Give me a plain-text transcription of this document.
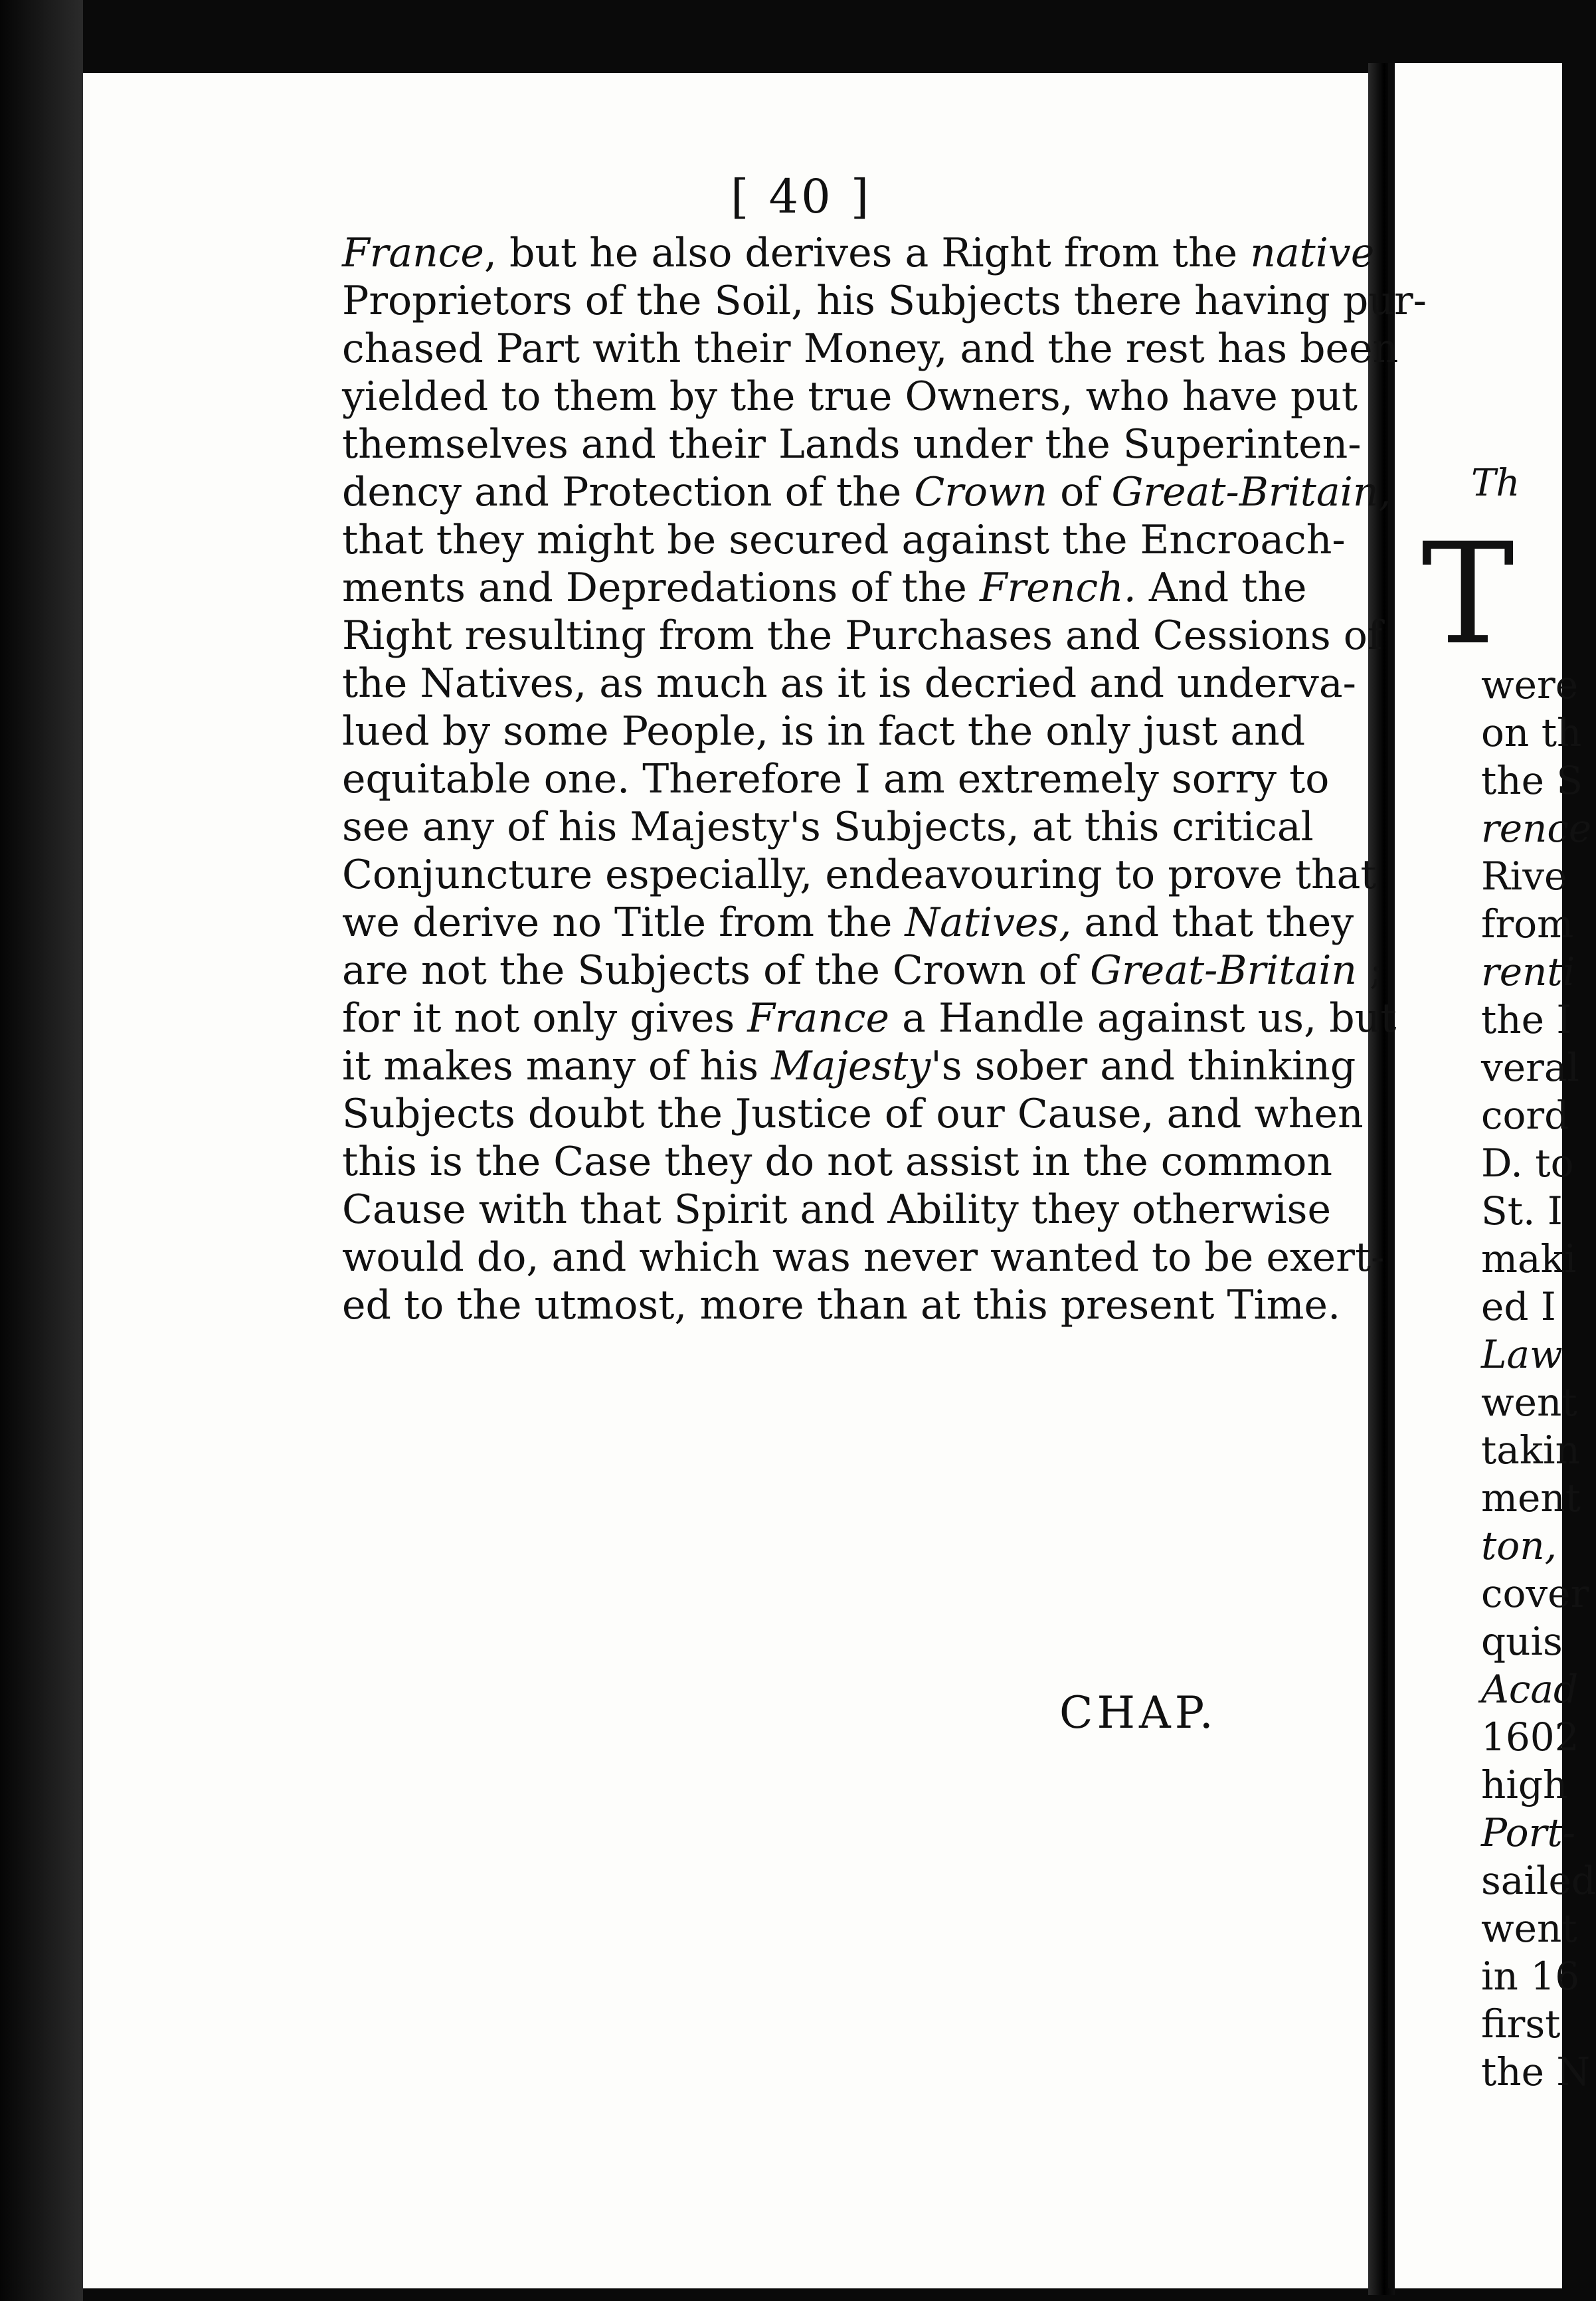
Th
T
were
on th
the S
rence
Rive
from
renti
the I
veral
cord
D. to
St. I
maki
ed I
Law
went
takin
ment
ton,
cover
quis
Acad
1602
high
Port-
sailed
went
in 16
first
the N
[ 40 ]
France, but he also derives a Right from the native
Proprietors of the Soil, his Subjects there having pur-
chased Part with their Money, and the rest has been
yielded to them by the true Owners, who have put
themselves and their Lands under the Superinten-
dency and Protection of the Crown of Great-Britain,
that they might be secured against the Encroach-
ments and Depredations of the French. And the
Right resulting from the Purchases and Cessions of
the Natives, as much as it is decried and underva-
lued by some People, is in fact the only just and
equitable one. Therefore I am extremely sorry to
see any of his Majesty's Subjects, at this critical
Conjuncture especially, endeavouring to prove that
we derive no Title from the Natives, and that they
are not the Subjects of the Crown of Great-Britain ;
for it not only gives France a Handle against us, but
it makes many of his Majesty's sober and thinking
Subjects doubt the Justice of our Cause, and when
this is the Case they do not assist in the common
Cause with that Spirit and Ability they otherwise
would do, and which was never wanted to be exert-
ed to the utmost, more than at this present Time.
CHAP.
